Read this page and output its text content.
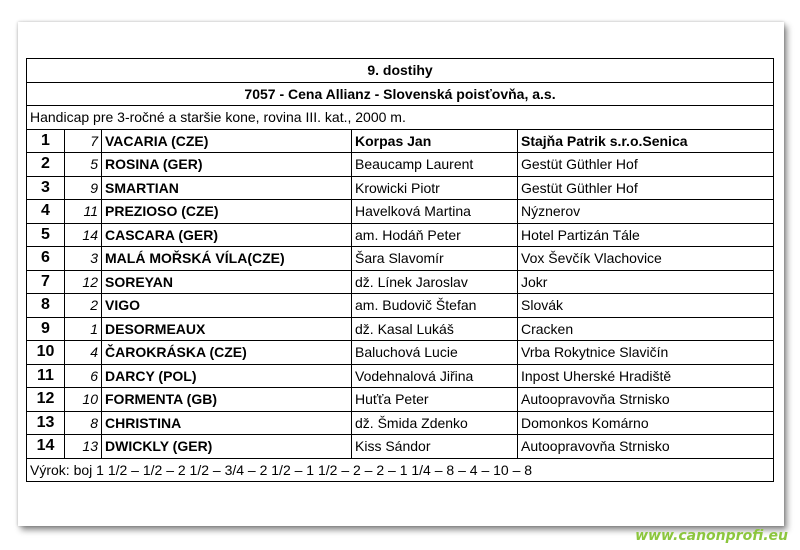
9. dostihy				
7057 - Cena Allianz - Slovenská poisťovňa, a.s.				
Handicap pre 3-ročné a staršie kone, rovina III. kat., 2000 m.				
1	7	VACARIA (CZE)	Korpas Jan	Stajňa Patrik s.r.o.Senica
2	5	ROSINA (GER)	Beaucamp Laurent	Gestüt Güthler Hof
3	9	SMARTIAN	Krowicki Piotr	Gestüt Güthler Hof
4	11	PREZIOSO (CZE)	Havelková Martina	Nýznerov
5	14	CASCARA (GER)	am. Hodáň Peter	Hotel Partizán Tále
6	3	MALÁ MOŘSKÁ VÍLA(CZE)	Šara Slavomír	Vox Ševčík Vlachovice
7	12	SOREYAN	dž. Línek Jaroslav	Jokr
8	2	VIGO	am. Budovič Štefan	Slovák
9	1	DESORMEAUX	dž. Kasal Lukáš	Cracken
10	4	ČAROKRÁSKA (CZE)	Baluchová Lucie	Vrba Rokytnice Slavičín
11	6	DARCY (POL)	Vodehnalová Jiřina	Inpost Uherské Hradiště
12	10	FORMENTA (GB)	Huťťa Peter	Autoopravovňa Strnisko
13	8	CHRISTINA	dž. Šmida Zdenko	Domonkos Komárno
14	13	DWICKLY (GER)	Kiss Sándor	Autoopravovňa Strnisko
Výrok: boj 1 1/2 – 1/2 – 2 1/2 – 3/4 – 2 1/2 – 1 1/2 – 2 – 2 – 1 1/4 – 8 – 4 – 10 – 8				
www.canonprofi.eu
